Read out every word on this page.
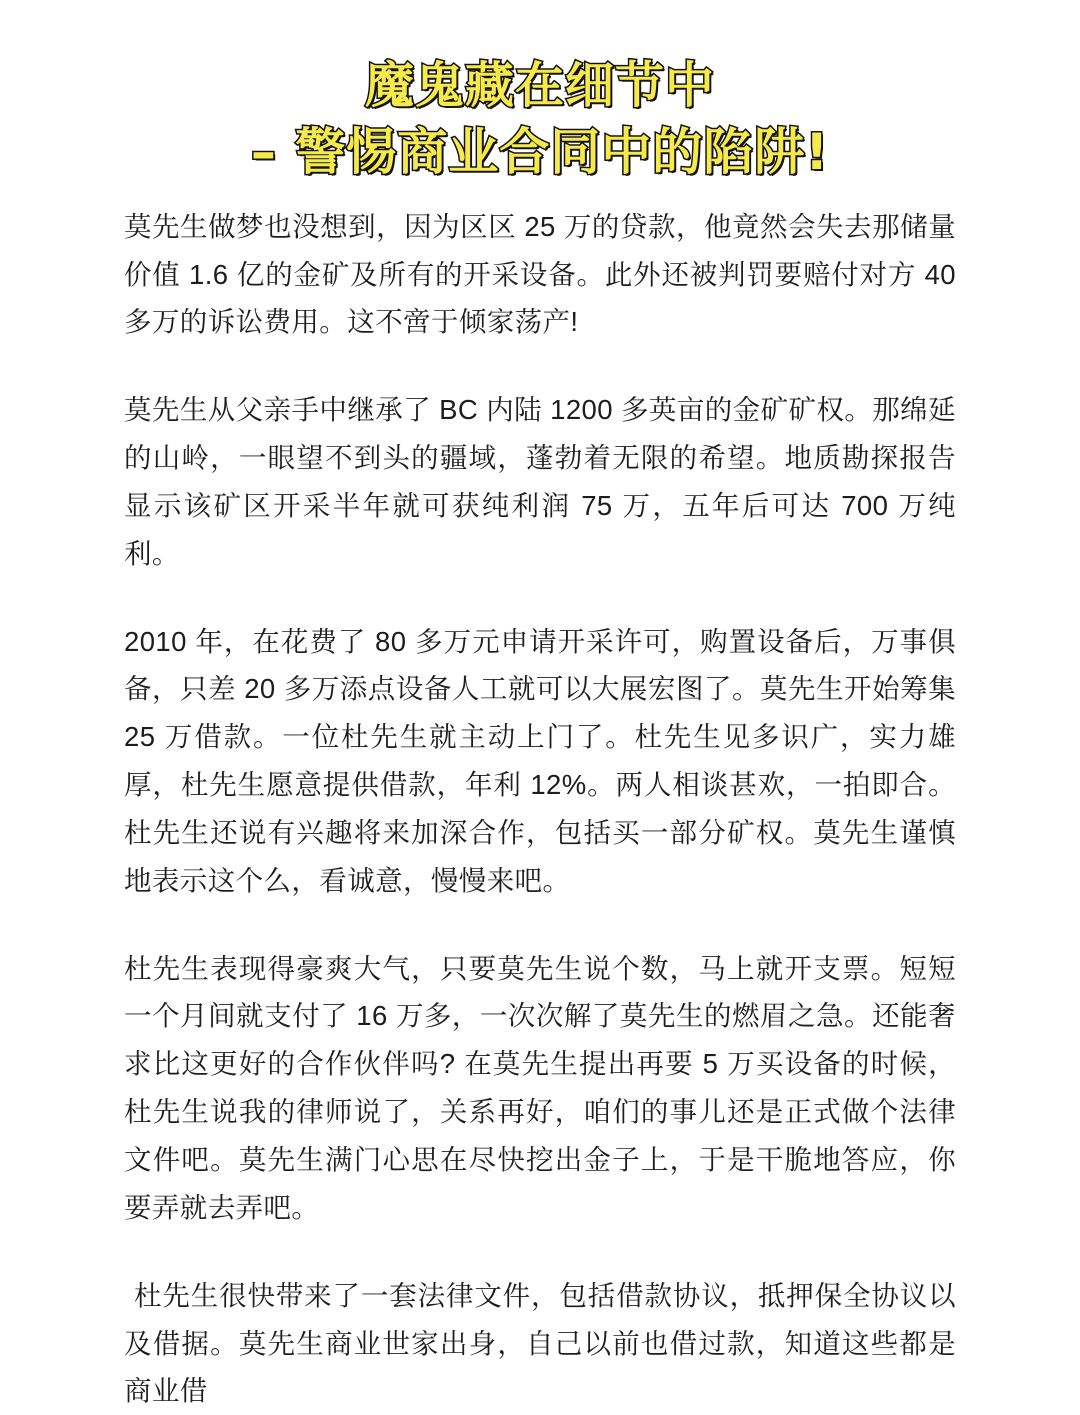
魔鬼藏在细节中
– 警惕商业合同中的陷阱!

莫先生做梦也没想到，因为区区 25 万的贷款，他竟然会失去那储量价值 1.6 亿的金矿及所有的开采设备。此外还被判罚要赔付对方 40 多万的诉讼费用。这不啻于倾家荡产!

莫先生从父亲手中继承了 BC 内陆 1200 多英亩的金矿矿权。那绵延的山岭，一眼望不到头的疆域，蓬勃着无限的希望。地质勘探报告显示该矿区开采半年就可获纯利润 75 万，五年后可达 700 万纯利。

2010 年，在花费了 80 多万元申请开采许可，购置设备后，万事俱备，只差 20 多万添点设备人工就可以大展宏图了。莫先生开始筹集 25 万借款。一位杜先生就主动上门了。杜先生见多识广，实力雄厚，杜先生愿意提供借款，年利 12%。两人相谈甚欢，一拍即合。杜先生还说有兴趣将来加深合作，包括买一部分矿权。莫先生谨慎地表示这个么，看诚意，慢慢来吧。

杜先生表现得豪爽大气，只要莫先生说个数，马上就开支票。短短一个月间就支付了 16 万多，一次次解了莫先生的燃眉之急。还能奢求比这更好的合作伙伴吗? 在莫先生提出再要 5 万买设备的时候，杜先生说我的律师说了，关系再好，咱们的事儿还是正式做个法律文件吧。莫先生满门心思在尽快挖出金子上，于是干脆地答应，你要弄就去弄吧。

杜先生很快带来了一套法律文件，包括借款协议，抵押保全协议以及借据。莫先生商业世家出身，自己以前也借过款，知道这些都是商业借
